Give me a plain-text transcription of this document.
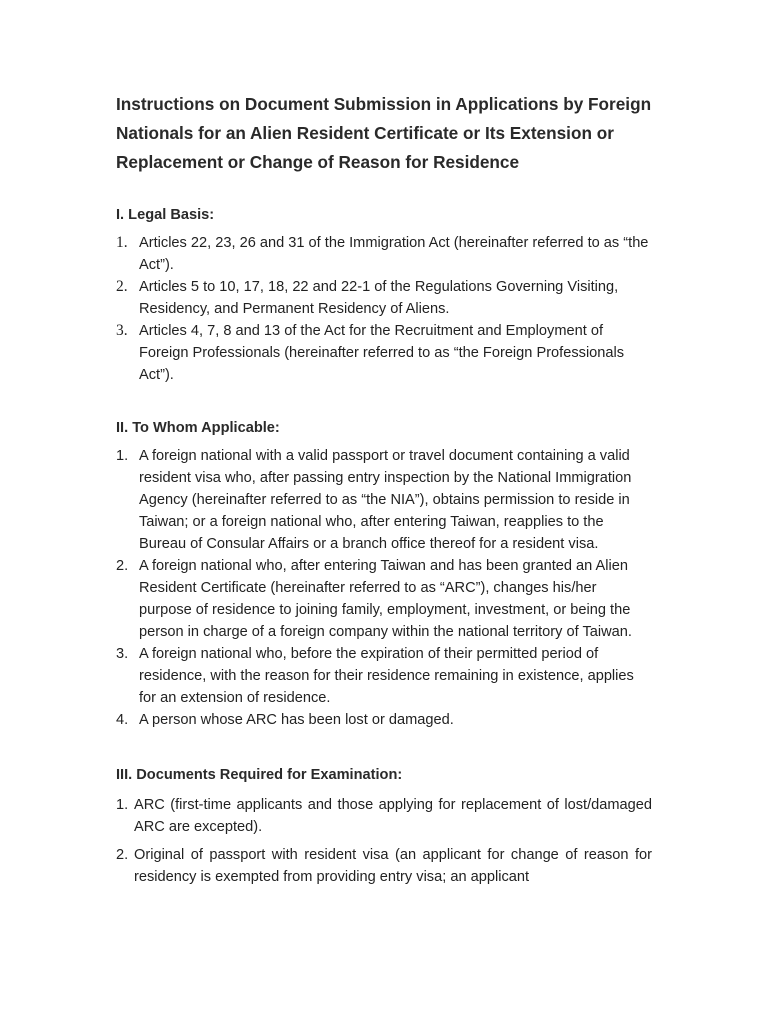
Instructions on Document Submission in Applications by Foreign Nationals for an Alien Resident Certificate or Its Extension or Replacement or Change of Reason for Residence
I. Legal Basis:
1. Articles 22, 23, 26 and 31 of the Immigration Act (hereinafter referred to as “the Act”).
2. Articles 5 to 10, 17, 18, 22 and 22-1 of the Regulations Governing Visiting, Residency, and Permanent Residency of Aliens.
3. Articles 4, 7, 8 and 13 of the Act for the Recruitment and Employment of Foreign Professionals (hereinafter referred to as “the Foreign Professionals Act”).
II. To Whom Applicable:
1. A foreign national with a valid passport or travel document containing a valid resident visa who, after passing entry inspection by the National Immigration Agency (hereinafter referred to as “the NIA”), obtains permission to reside in Taiwan; or a foreign national who, after entering Taiwan, reapplies to the Bureau of Consular Affairs or a branch office thereof for a resident visa.
2. A foreign national who, after entering Taiwan and has been granted an Alien Resident Certificate (hereinafter referred to as “ARC”), changes his/her purpose of residence to joining family, employment, investment, or being the person in charge of a foreign company within the national territory of Taiwan.
3. A foreign national who, before the expiration of their permitted period of residence, with the reason for their residence remaining in existence, applies for an extension of residence.
4. A person whose ARC has been lost or damaged.
III. Documents Required for Examination:
1. ARC (first-time applicants and those applying for replacement of lost/damaged ARC are excepted).
2. Original of passport with resident visa (an applicant for change of reason for residency is exempted from providing entry visa; an applicant
